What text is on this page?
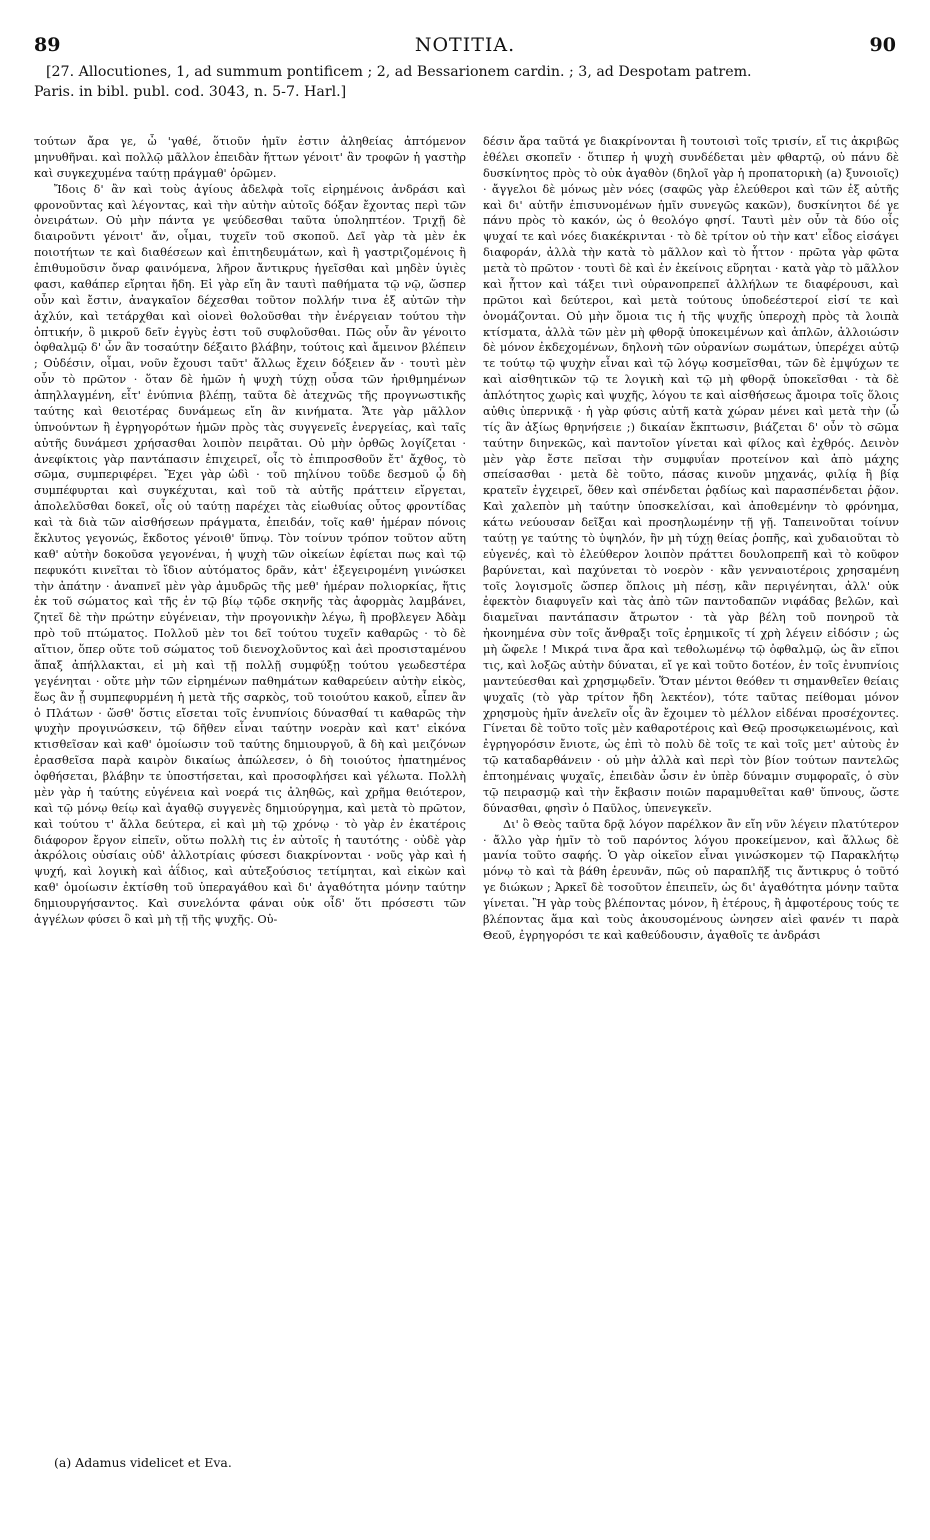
89	NOTITIA.	90
[27. Allocutiones, 1, ad summum pontificem ; 2, ad Bessarionem cardin. ; 3, ad Despotam patrem.
Paris. in bibl. publ. cod. 3043, n. 5-7. Harl.]

τούτων ἄρα γε, ὦ 'γαθέ, ὅτιοῦν ἡμῖν ἐστιν ἀληθείας ἀπτόμενον μηνυθῆναι. καὶ πολλῷ μᾶλλον ἐπειδὰν ἥττων γένοιτ' ἂν τροφῶν ἡ γαστὴρ καὶ συγκεχυμένα ταύτῃ πράγμαθ' ὁρῶμεν.

Ἴδοις δ' ἂν καὶ τοὺς ἁγίους ἀδελφὰ τοῖς εἰρημένοις ἀνδράσι καὶ φρονοῦντας καὶ λέγοντας, καὶ τὴν αὐτὴν αὐτοῖς δόξαν ἔχοντας περὶ τῶν ὀνειράτων. Οὐ μὴν πάντα γε ψεύδεσθαι ταῦτα ὑποληπτέον. Τριχῇ δὲ διαιροῦντι γένοιτ' ἄν, οἶμαι, τυχεῖν τοῦ σκοποῦ. Δεῖ γὰρ τὰ μὲν ἐκ ποιοτήτων τε καὶ διαθέσεων καὶ ἐπιτηδευμάτων, καὶ ἢ γαστριζομένοις ἢ ἐπιθυμοῦσιν ὄναρ φαινόμενα, λῆρον ἄντικρυς ἡγεῖσθαι καὶ μηδὲν ὑγιὲς φασι, καθάπερ εἴρηται ἤδη. Εἰ γὰρ εἴη ἂν ταυτὶ παθήματα τῷ νῷ, ὥσπερ οὖν καὶ ἔστιν, ἀναγκαῖον δέχεσθαι τοῦτον πολλήν τινα ἐξ αὐτῶν τὴν ἀχλύν, καὶ τετάρχθαι καὶ οἱονεὶ θολοῦσθαι τὴν ἐνέργειαν τούτου τὴν ὀπτικήν, ὃ μικροῦ δεῖν ἐγγὺς ἐστι τοῦ συφλοῦσθαι. Πῶς οὖν ἂν γένοιτο ὀφθαλμῷ δ' ὧν ἂν τοσαύτην δέξαιτο βλάβην, τούτοις καὶ ἄμεινον βλέπειν ; Οὐδέσιν, οἶμαι, νοῦν ἔχουσι ταῦτ' ἄλλως ἔχειν δόξειεν ἄν · τουτὶ μὲν οὖν τὸ πρῶτον · ὅταν δὲ ἡμῶν ἡ ψυχὴ τύχῃ οὖσα τῶν ἠριθμημένων ἀπηλλαγμένη, εἶτ' ἐνύπνια βλέπῃ, ταῦτα δὲ ἀτεχνῶς τῆς προγνωστικῆς ταύτης καὶ θειοτέρας δυνάμεως εἴη ἂν κινήματα. Ἅτε γὰρ μᾶλλον ὑπνούντων ἢ ἐγρηγορότων ἡμῶν πρὸς τὰς συγγενεῖς ἐνεργείας, καὶ ταῖς αὐτῆς δυνάμεσι χρήσασθαι λοιπὸν πειρᾶται. Οὐ μὴν ὀρθῶς λογίζεται · ἀνεφίκτοις γὰρ παντάπασιν ἐπιχειρεῖ, οἷς τὸ ἐπιπροσθοῦν ἔτ' ἄχθος, τὸ σῶμα, συμπεριφέρει. Ἔχει γὰρ ὡδὶ · τοῦ πηλίνου τοῦδε δεσμοῦ ᾧ δὴ συμπέφυρται καὶ συγκέχυται, καὶ τοῦ τὰ αὐτῆς πράττειν εἴργεται, ἀπολελῦσθαι δοκεῖ, οἷς οὐ ταύτῃ παρέχει τὰς εἰωθυίας οὗτος φροντίδας καὶ τὰ διὰ τῶν αἰσθήσεων πράγματα, ἐπειδάν, τοῖς καθ' ἡμέραν πόνοις ἔκλυτος γεγονώς, ἔκδοτος γένοιθ' ὕπνῳ. Τὸν τοίνυν τρόπον τοῦτον αὕτη καθ' αὑτὴν δοκοῦσα γεγονέναι, ἡ ψυχὴ τῶν οἰκείων ἐφίεται πως καὶ τῷ πεφυκότι κινεῖται τὸ ἴδιον αὐτόματος δρᾶν, κἀτ' ἐξεγειρομένη γινώσκει τὴν ἀπάτην · ἀναπνεῖ μὲν γὰρ ἀμυδρῶς τῆς μεθ' ἡμέραν πολιορκίας, ἥτις ἐκ τοῦ σώματος καὶ τῆς ἐν τῷ βίῳ τῷδε σκηνῆς τὰς ἀφορμὰς λαμβάνει, ζητεῖ δὲ τὴν πρώτην εὐγένειαν, τὴν προγονικὴν λέγω, ἣ προβλεγεν Ἀδὰμ πρὸ τοῦ πτώματος. Πολλοῦ μὲν τοι δεῖ τούτου τυχεῖν καθαρῶς · τὸ δὲ αἴτιον, ὅπερ οὔτε τοῦ σώματος τοῦ διενοχλοῦντος καὶ ἀεὶ προσισταμένου ἅπαξ ἀπήλλακται, εἰ μὴ καὶ τῇ πολλῇ συμφύξῃ τούτου γεωδεστέρα γεγένηται · οὔτε μὴν τῶν εἰρημένων παθημάτων καθαρεύειν αὐτὴν εἰκὸς, ἕως ἂν ᾖ συμπεφυρμένη ἡ μετὰ τῆς σαρκὸς, τοῦ τοιούτου κακοῦ, εἶπεν ἂν ὁ Πλάτων · ὥσθ' ὅστις εἴσεται τοῖς ἐνυπνίοις δύνασθαί τι καθαρῶς τὴν ψυχὴν προγινώσκειν, τῷ δῆθεν εἶναι ταύτην νοερὰν καὶ κατ' εἰκόνα κτισθεῖσαν καὶ καθ' ὁμοίωσιν τοῦ ταύτης δημιουργοῦ, ἃ δὴ καὶ μειζόνων ἐρασθεῖσα παρὰ καιρὸν δικαίως ἀπώλεσεν, ὁ δὴ τοιούτος ἠπατημένος ὀφθήσεται, βλάβην τε ὑποστήσεται, καὶ προσοφλήσει καὶ γέλωτα. Πολλὴ μὲν γὰρ ἡ ταύτης εὐγένεια καὶ νοερά τις ἀληθῶς, καὶ χρῆμα θειότερον, καὶ τῷ μόνῳ θείῳ καὶ ἀγαθῷ συγγενὲς δημιούργημα, καὶ μετὰ τὸ πρῶτον, καὶ τούτου τ' ἄλλα δεύτερα, εἰ καὶ μὴ τῷ χρόνῳ · τὸ γὰρ ἐν ἑκατέροις διάφορον ἔργον εἰπεῖν, οὕτω πολλὴ τις ἐν αὐτοῖς ἡ ταυτότης · οὐδὲ γὰρ ἀκρόλοις οὐσίαις οὐδ' ἀλλοτρίαις φύσεσι διακρίνονται · νοῦς γὰρ καὶ ἡ ψυχή, καὶ λογικὴ καὶ ἀΐδιος, καὶ αὐτεξούσιος τετίμηται, καὶ εἰκὼν καὶ καθ' ὁμοίωσιν ἐκτίσθη τοῦ ὑπεραγάθου καὶ δι' ἀγαθότητα μόνην ταύτην δημιουργήσαντος. Καὶ συνελόντα φάναι οὐκ οἶδ' ὅτι πρόσεστι τῶν ἀγγέλων φύσει ὃ καὶ μὴ τῇ τῆς ψυχῆς. Οὐ-

δέσιν ἄρα ταῦτά γε διακρίνονται ἢ τουτοισὶ τοῖς τρισίν, εἴ τις ἀκριβῶς ἐθέλει σκοπεῖν · ὅτιπερ ἡ ψυχὴ συνδέδεται μὲν φθαρτῷ, οὐ πάνυ δὲ δυσκίνητος πρὸς τὸ οὐκ ἀγαθὸν (δηλοῖ γὰρ ἡ προπατορικὴ (a) ξυνοιοῖς) · ἄγγελοι δὲ μόνως μὲν νόες (σαφῶς γὰρ ἐλεύθεροι καὶ τῶν ἐξ αὐτῆς καὶ δι' αὐτῆν ἐπισυνομένων ἡμῖν συνεγῶς κακῶν), δυσκίνητοι δέ γε πάνυ πρὸς τὸ κακόν, ὡς ὁ θεολόγο φησί. Ταυτὶ μὲν οὖν τὰ δύο οἷς ψυχαί τε καὶ νόες διακέκρινται · τὸ δὲ τρίτον οὐ τὴν κατ' εἶδος εἰσάγει διαφοράν, ἀλλὰ τὴν κατὰ τὸ μᾶλλον καὶ τὸ ἧττον · πρῶτα γὰρ φῶτα μετὰ τὸ πρῶτον · τουτὶ δὲ καὶ ἐν ἐκείνοις εὕρηται · κατὰ γὰρ τὸ μᾶλλον καὶ ἧττον καὶ τάξει τινὶ οὐρανοπρεπεῖ ἀλλήλων τε διαφέρουσι, καὶ πρῶτοι καὶ δεύτεροι, καὶ μετὰ τούτους ὑποδεέστεροί εἰσί τε καὶ ὀνομάζονται. Οὐ μὴν ὅμοια τις ἡ τῆς ψυχῆς ὑπεροχὴ πρὸς τὰ λοιπὰ κτίσματα, ἀλλὰ τῶν μὲν μὴ φθορᾷ ὑποκειμένων καὶ ἁπλῶν, ἀλλοιώσιν δὲ μόνον ἐκδεχομένων, δηλονὴ τῶν οὐρανίων σωμάτων, ὑπερέχει αὐτῷ τε τούτῳ τῷ ψυχὴν εἶναι καὶ τῷ λόγῳ κοσμεῖσθαι, τῶν δὲ ἐμψύχων τε καὶ αἰσθητικῶν τῷ τε λογικὴ καὶ τῷ μὴ φθορᾷ ὑποκεῖσθαι · τὰ δὲ ἁπλότητος χωρὶς καὶ ψυχῆς, λόγου τε καὶ αἰσθήσεως ἄμοιρα τοῖς ὅλοις αὐθις ὑπερνικᾷ · ἡ γὰρ φύσις αὐτῆ κατὰ χώραν μένει καὶ μετὰ τὴν (ὦ τίς ἂν ἀξίως θρηνήσειε ;) δικαίαν ἔκπτωσιν, βιάζεται δ' οὖν τὸ σῶμα ταύτην διηνεκῶς, καὶ παντοῖον γίνεται καὶ φίλος καὶ ἐχθρός. Δεινὸν μὲν γὰρ ἔστε πεῖσαι τὴν συμφυΐαν προτείνον καὶ ἀπὸ μάχης σπείσασθαι · μετὰ δὲ τοῦτο, πάσας κινοῦν μηχανάς, φιλίᾳ ἢ βίᾳ κρατεῖν ἐγχειρεῖ, ὅθεν καὶ σπένδεται ῥᾳδίως καὶ παρασπένδεται ῥᾷον. Καὶ χαλεπὸν μὴ ταύτην ὑποσκελίσαι, καὶ ἀποθεμένην τὸ φρόνημα, κάτω νεύουσαν δεῖξαι καὶ προσηλωμένην τῇ γῇ. Ταπεινοῦται τοίνυν ταύτῃ γε ταύτης τὸ ὑψηλόν, ἢν μὴ τύχῃ θείας ῥοπῆς, καὶ χυδαιοῦται τὸ εὐγενές, καὶ τὸ ἐλεύθερον λοιπὸν πράττει δουλοπρεπῆ καὶ τὸ κοῦφον βαρύνεται, καὶ παχύνεται τὸ νοερὸν · κἂν γενναιοτέροις χρησαμένη τοῖς λογισμοῖς ὥσπερ ὅπλοις μὴ πέσῃ, κἂν περιγένηται, ἀλλ' οὐκ ἐφεκτὸν διαφυγεῖν καὶ τὰς ἀπὸ τῶν παντοδαπῶν νιφάδας βελῶν, καὶ διαμεῖναι παντάπασιν ἄτρωτον · τὰ γὰρ βέλη τοῦ πονηροῦ τὰ ἠκονημένα σὺν τοῖς ἄνθραξι τοῖς ἐρημικοῖς τί χρὴ λέγειν εἰδόσιν ; ὡς μὴ ὤφελε ! Μικρά τινα ἄρα καὶ τεθολωμένῳ τῷ ὀφθαλμῷ, ὡς ἂν εἴποι τις, καὶ λοξῶς αὐτὴν δύναται, εἴ γε καὶ τοῦτο δοτέον, ἐν τοῖς ἐνυπνίοις μαντεύεσθαι καὶ χρησμῳδεῖν. Ὅταν μέντοι θεόθεν τι σημανθεῖεν θείαις ψυχαῖς (τὸ γὰρ τρίτον ἤδη λεκτέον), τότε ταῦτας πείθομαι μόνον χρησμοὺς ἡμῖν ἀνελεῖν οἷς ἂν ἔχοιμεν τὸ μέλλον εἰδέναι προσέχοντες. Γίνεται δὲ τοῦτο τοῖς μὲν καθαροτέροις καὶ Θεῷ προσῳκειωμένοις, καὶ ἐγρηγορόσιν ἔνιοτε, ὡς ἐπὶ τὸ πολὺ δὲ τοῖς τε καὶ τοῖς μετ' αὐτοὺς ἐν τῷ καταδαρθάνειν · οὐ μὴν ἀλλὰ καὶ περὶ τὸν βίον τούτων παντελῶς ἐπτοημέναις ψυχαῖς, ἐπειδὰν ὦσιν ἐν ὑπὲρ δύναμιν συμφοραῖς, ὁ σὺν τῷ πειρασμῷ καὶ τὴν ἔκβασιν ποιῶν παραμυθεῖται καθ' ὕπνους, ὥστε δύνασθαι, φησὶν ὁ Παῦλος, ὑπενεγκεῖν.

Δι' ὃ Θεὸς ταῦτα δρᾷ λόγον παρέλκον ἂν εἴη νῦν λέγειν πλατύτερον · ἄλλο γὰρ ἡμῖν τὸ τοῦ παρόντος λόγου προκείμενον, καὶ ἄλλως δὲ μανία τοῦτο σαφής. Ὁ γὰρ οἰκεῖον εἶναι γινώσκομεν τῷ Παρακλήτῳ μόνῳ τὸ καὶ τὰ βάθη ἐρευνᾶν, πῶς οὐ παραπλῆξ τις ἄντικρυς ὁ τοῦτό γε διώκων ; Ἀρκεῖ δὲ τοσοῦτον ἐπειπεῖν, ὡς δι' ἀγαθότητα μόνην ταῦτα γίνεται. Ἢ γὰρ τοὺς βλέποντας μόνον, ἢ ἑτέρους, ἢ ἀμφοτέρους τούς τε βλέποντας ἅμα καὶ τοὺς ἀκουσομένους ὠνησεν αἰεὶ φανέν τι παρὰ Θεοῦ, ἐγρηγορόσι τε καὶ καθεύδουσιν, ἀγαθοῖς τε ἀνδράσι

(a) Adamus videlicet et Eva.
